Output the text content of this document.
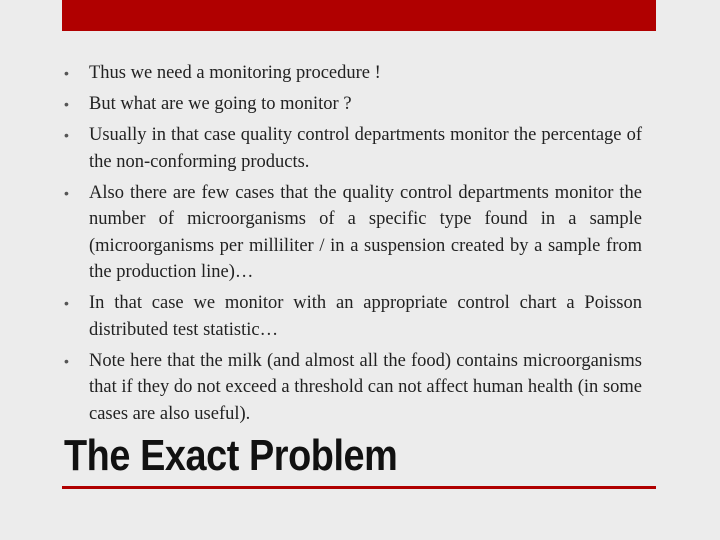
•	Thus we need a monitoring procedure !
•	But what are we going to monitor ?
•	Usually in that case quality control departments monitor the percentage of the non-conforming products.
•	Also there are few cases that the quality control departments monitor the number of microorganisms of a specific type found in a sample (microorganisms per milliliter / in a suspension created by a sample from the production line)…
•	In that case we monitor with an appropriate control chart a Poisson distributed test statistic…
•	Note here that the milk (and almost all the food) contains microorganisms that if they do not exceed a threshold can not affect human health (in some cases are also useful).
The Exact Problem
